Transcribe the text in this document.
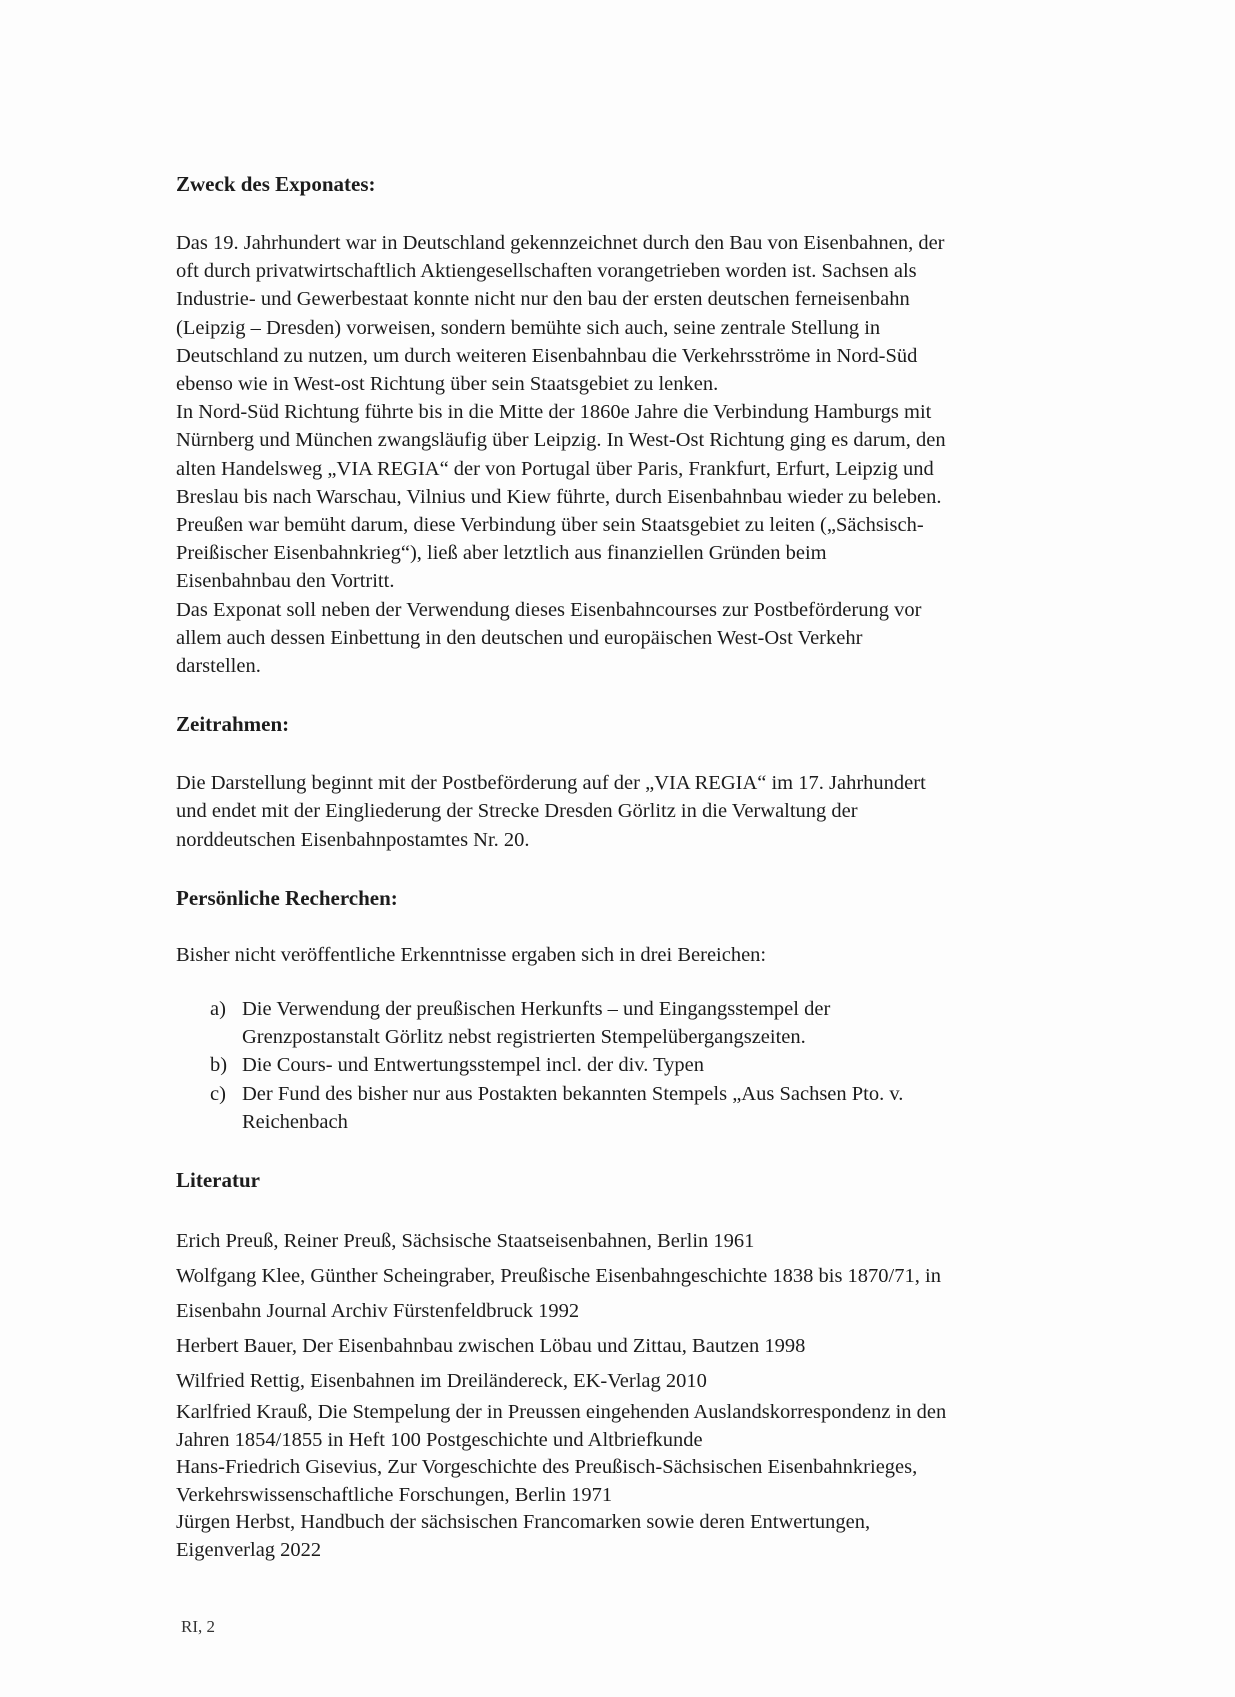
Zweck des Exponates:

Das 19. Jahrhundert war in Deutschland gekennzeichnet durch den Bau von Eisenbahnen, der
oft durch privatwirtschaftlich Aktiengesellschaften vorangetrieben worden ist. Sachsen als
Industrie- und Gewerbestaat konnte nicht nur den bau der ersten deutschen ferneisenbahn
(Leipzig – Dresden) vorweisen, sondern bemühte sich auch, seine zentrale Stellung in
Deutschland zu nutzen, um durch weiteren Eisenbahnbau die Verkehrsströme in Nord-Süd
ebenso wie in West-ost Richtung über sein Staatsgebiet zu lenken.
In Nord-Süd Richtung führte bis in die Mitte der 1860e Jahre die Verbindung Hamburgs mit
Nürnberg und München zwangsläufig über Leipzig. In West-Ost Richtung ging es darum, den
alten Handelsweg „VIA REGIA“ der von Portugal über Paris, Frankfurt, Erfurt, Leipzig und
Breslau bis nach Warschau, Vilnius und Kiew führte, durch Eisenbahnbau wieder zu beleben.
Preußen war bemüht darum, diese Verbindung über sein Staatsgebiet zu leiten („Sächsisch-
Preißischer Eisenbahnkrieg“), ließ aber letztlich aus finanziellen Gründen beim
Eisenbahnbau den Vortritt.
Das Exponat soll neben der Verwendung dieses Eisenbahncourses zur Postbeförderung vor
allem auch dessen Einbettung in den deutschen und europäischen West-Ost Verkehr
darstellen.

Zeitrahmen:

Die Darstellung beginnt mit der Postbeförderung auf der „VIA REGIA“ im 17. Jahrhundert
und endet mit der Eingliederung der Strecke Dresden Görlitz in die Verwaltung der
norddeutschen Eisenbahnpostamtes Nr. 20.

Persönliche Recherchen:

Bisher nicht veröffentliche Erkenntnisse ergaben sich in drei Bereichen:

a) Die Verwendung der preußischen Herkunfts – und Eingangsstempel der
Grenzpostanstalt Görlitz nebst registrierten Stempelübergangszeiten.
b) Die Cours- und Entwertungsstempel incl. der div. Typen
c) Der Fund des bisher nur aus Postakten bekannten Stempels „Aus Sachsen Pto. v.
Reichenbach
Literatur
Erich Preuß, Reiner Preuß, Sächsische Staatseisenbahnen, Berlin 1961
Wolfgang Klee, Günther Scheingraber, Preußische Eisenbahngeschichte 1838 bis 1870/71, in
Eisenbahn Journal Archiv Fürstenfeldbruck 1992
Herbert Bauer, Der Eisenbahnbau zwischen Löbau und Zittau, Bautzen 1998
Wilfried Rettig, Eisenbahnen im Dreiländereck, EK-Verlag 2010
Karlfried Krauß, Die Stempelung der in Preussen eingehenden Auslandskorrespondenz in den
Jahren 1854/1855 in Heft 100 Postgeschichte und Altbriefkunde
Hans-Friedrich Gisevius, Zur Vorgeschichte des Preußisch-Sächsischen Eisenbahnkrieges,
Verkehrswissenschaftliche Forschungen, Berlin 1971
Jürgen Herbst, Handbuch der sächsischen Francomarken sowie deren Entwertungen,
Eigenverlag 2022
RI, 2
